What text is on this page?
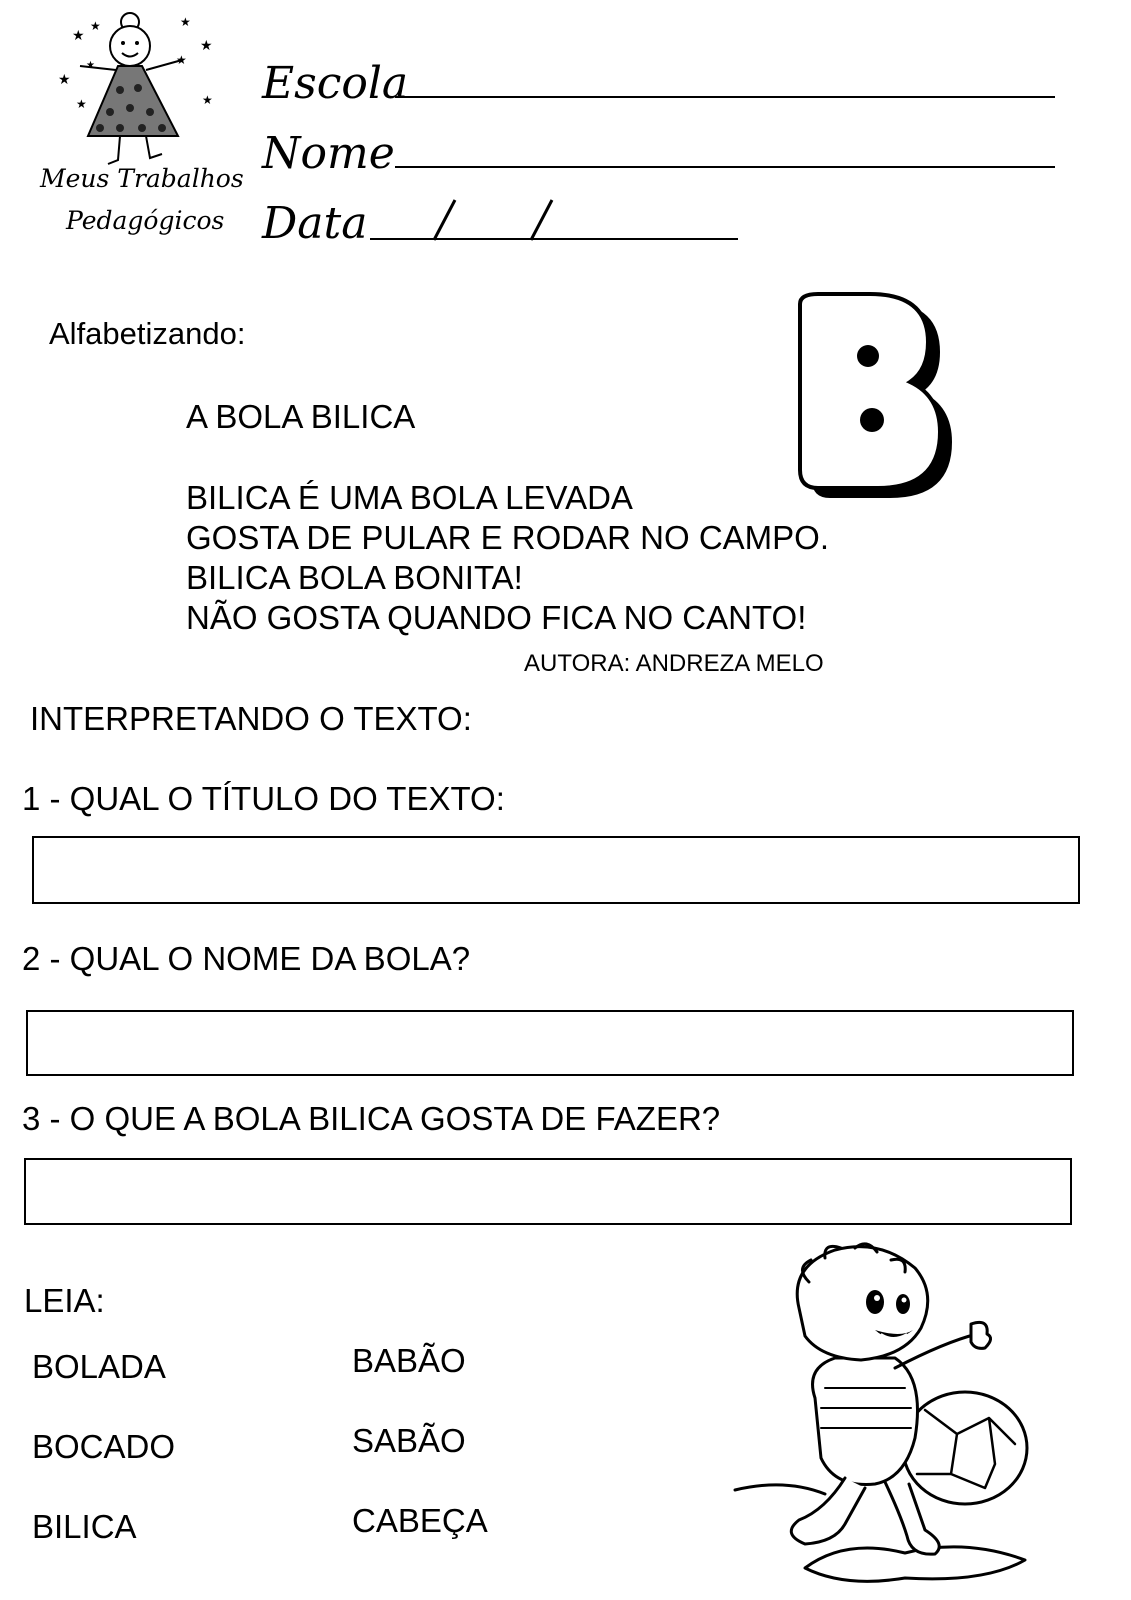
★
★	★
★
★
★
★	★
★
Meus Trabalhos
Pedagógicos
Escola
Nome
Data
Alfabetizando:
A BOLA BILICA
BILICA É UMA BOLA LEVADA
GOSTA DE PULAR E RODAR NO CAMPO.
BILICA BOLA BONITA!
NÃO GOSTA QUANDO FICA NO CANTO!
AUTORA: ANDREZA MELO
INTERPRETANDO O TEXTO:
1 - QUAL O TÍTULO DO TEXTO:
2 - QUAL O NOME DA BOLA?
3 - O QUE A BOLA BILICA GOSTA DE FAZER?
LEIA:
BOLADA
BOCADO
BILICA
BABÃO
SABÃO
CABEÇA
